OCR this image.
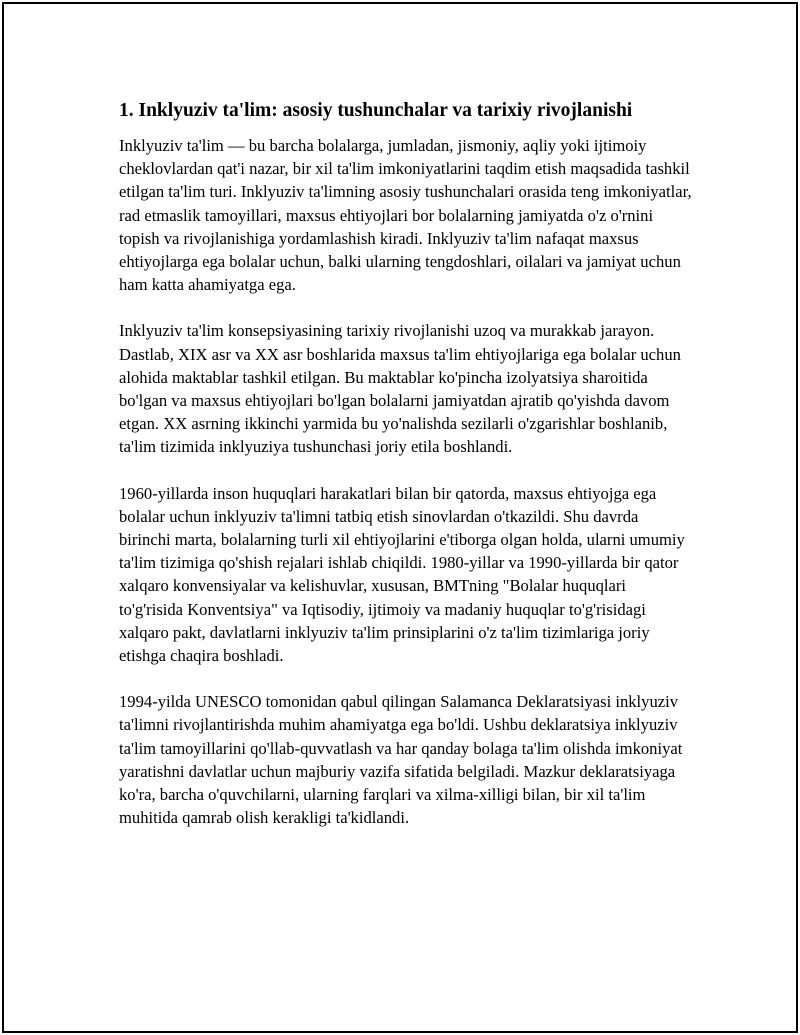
1. Inklyuziv ta'lim: asosiy tushunchalar va tarixiy rivojlanishi

Inklyuziv ta'lim — bu barcha bolalarga, jumladan, jismoniy, aqliy yoki ijtimoiy cheklovlardan qat'i nazar, bir xil ta'lim imkoniyatlarini taqdim etish maqsadida tashkil etilgan ta'lim turi. Inklyuziv ta'limning asosiy tushunchalari orasida teng imkoniyatlar, rad etmaslik tamoyillari, maxsus ehtiyojlari bor bolalarning jamiyatda o'z o'rnini topish va rivojlanishiga yordamlashish kiradi. Inklyuziv ta'lim nafaqat maxsus ehtiyojlarga ega bolalar uchun, balki ularning tengdoshlari, oilalari va jamiyat uchun ham katta ahamiyatga ega.

Inklyuziv ta'lim konsepsiyasining tarixiy rivojlanishi uzoq va murakkab jarayon. Dastlab, XIX asr va XX asr boshlarida maxsus ta'lim ehtiyojlariga ega bolalar uchun alohida maktablar tashkil etilgan. Bu maktablar ko'pincha izolyatsiya sharoitida bo'lgan va maxsus ehtiyojlari bo'lgan bolalarni jamiyatdan ajratib qo'yishda davom etgan. XX asrning ikkinchi yarmida bu yo'nalishda sezilarli o'zgarishlar boshlanib, ta'lim tizimida inklyuziya tushunchasi joriy etila boshlandi.

1960-yillarda inson huquqlari harakatlari bilan bir qatorda, maxsus ehtiyojga ega bolalar uchun inklyuziv ta'limni tatbiq etish sinovlardan o'tkazildi. Shu davrda birinchi marta, bolalarning turli xil ehtiyojlarini e'tiborga olgan holda, ularni umumiy ta'lim tizimiga qo'shish rejalari ishlab chiqildi. 1980-yillar va 1990-yillarda bir qator xalqaro konvensiyalar va kelishuvlar, xususan, BMTning "Bolalar huquqlari to'g'risida Konventsiya" va Iqtisodiy, ijtimoiy va madaniy huquqlar to'g'risidagi xalqaro pakt, davlatlarni inklyuziv ta'lim prinsiplarini o'z ta'lim tizimlariga joriy etishga chaqira boshladi.

1994-yilda UNESCO tomonidan qabul qilingan Salamanca Deklaratsiyasi inklyuziv ta'limni rivojlantirishda muhim ahamiyatga ega bo'ldi. Ushbu deklaratsiya inklyuziv ta'lim tamoyillarini qo'llab-quvvatlash va har qanday bolaga ta'lim olishda imkoniyat yaratishni davlatlar uchun majburiy vazifa sifatida belgiladi. Mazkur deklaratsiyaga ko'ra, barcha o'quvchilarni, ularning farqlari va xilma-xilligi bilan, bir xil ta'lim muhitida qamrab olish kerakligi ta'kidlandi.
